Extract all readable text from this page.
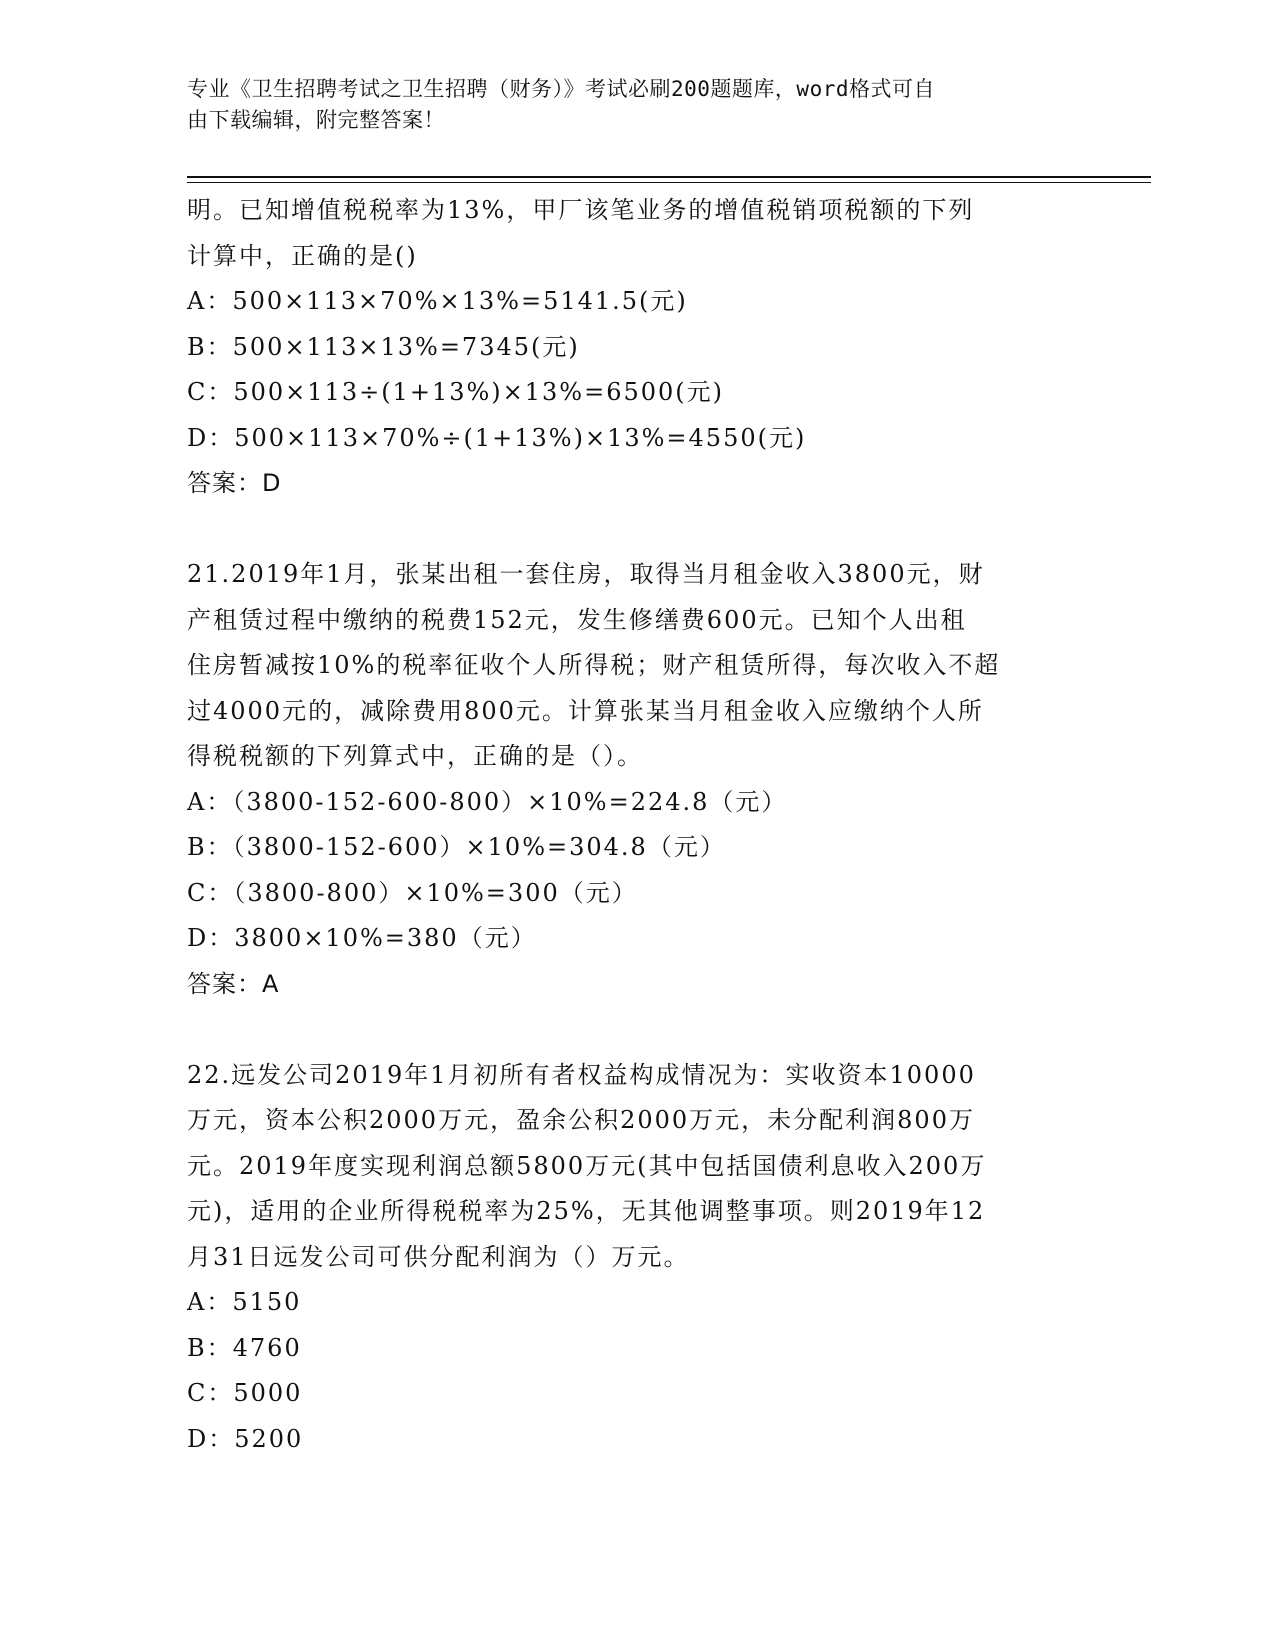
专业《卫生招聘考试之卫生招聘（财务）》考试必刷200题题库，word格式可自
由下载编辑，附完整答案！
明。已知增值税税率为13%，甲厂该笔业务的增值税销项税额的下列
计算中，正确的是()
A：500×113×70%×13%=5141.5(元)
B：500×113×13%=7345(元)
C：500×113÷(1+13%)×13%=6500(元)
D：500×113×70%÷(1+13%)×13%=4550(元)
答案：D
21.2019年1月，张某出租一套住房，取得当月租金收入3800元，财
产租赁过程中缴纳的税费152元，发生修缮费600元。已知个人出租
住房暂减按10%的税率征收个人所得税；财产租赁所得，每次收入不超
过4000元的，减除费用800元。计算张某当月租金收入应缴纳个人所
得税税额的下列算式中，正确的是（）。
A：（3800-152-600-800）×10%=224.8（元）
B：（3800-152-600）×10%=304.8（元）
C：（3800-800）×10%=300（元）
D：3800×10%=380（元）
答案：A
22.远发公司2019年1月初所有者权益构成情况为：实收资本10000
万元，资本公积2000万元，盈余公积2000万元，未分配利润800万
元。2019年度实现利润总额5800万元(其中包括国债利息收入200万
元)，适用的企业所得税税率为25%，无其他调整事项。则2019年12
月31日远发公司可供分配利润为（）万元。
A：5150
B：4760
C：5000
D：5200
